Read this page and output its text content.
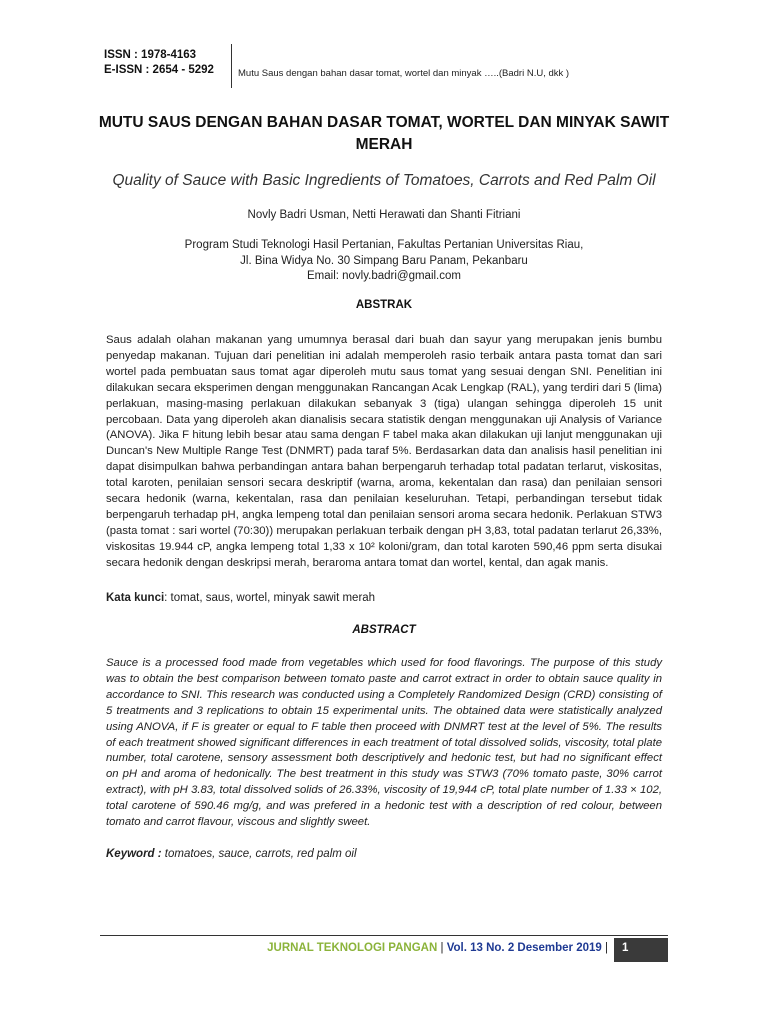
ISSN : 1978-4163
E-ISSN : 2654 - 5292	Mutu Saus dengan bahan dasar tomat, wortel dan minyak …..(Badri N.U, dkk )
MUTU SAUS DENGAN BAHAN DASAR TOMAT, WORTEL DAN MINYAK SAWIT
MERAH
Quality of Sauce with Basic Ingredients of Tomatoes, Carrots and Red Palm Oil
Novly Badri Usman, Netti Herawati dan Shanti Fitriani
Program Studi Teknologi Hasil Pertanian, Fakultas Pertanian Universitas Riau,
Jl. Bina Widya No. 30 Simpang Baru Panam, Pekanbaru
Email: novly.badri@gmail.com
ABSTRAK
Saus adalah olahan makanan yang umumnya berasal dari buah dan sayur yang merupakan jenis bumbu penyedap makanan. Tujuan dari penelitian ini adalah memperoleh rasio terbaik antara pasta tomat dan sari wortel pada pembuatan saus tomat agar diperoleh mutu saus tomat yang sesuai dengan SNI. Penelitian ini dilakukan secara eksperimen dengan menggunakan Rancangan Acak Lengkap (RAL), yang terdiri dari 5 (lima) perlakuan, masing-masing perlakuan dilakukan sebanyak 3 (tiga) ulangan sehingga diperoleh 15 unit percobaan. Data yang diperoleh akan dianalisis secara statistik dengan menggunakan uji Analysis of Variance (ANOVA). Jika F hitung lebih besar atau sama dengan F tabel maka akan dilakukan uji lanjut menggunakan uji Duncan's New Multiple Range Test (DNMRT) pada taraf 5%. Berdasarkan data dan analisis hasil penelitian ini dapat disimpulkan bahwa perbandingan antara bahan berpengaruh terhadap total padatan terlarut, viskositas, total karoten, penilaian sensori secara deskriptif (warna, aroma, kekentalan dan rasa) dan penilaian sensori secara hedonik (warna, kekentalan, rasa dan penilaian keseluruhan. Tetapi, perbandingan tersebut tidak berpengaruh terhadap pH, angka lempeng total dan penilaian sensori aroma secara hedonik. Perlakuan STW3 (pasta tomat : sari wortel (70:30)) merupakan perlakuan terbaik dengan pH 3,83, total padatan terlarut 26,33%, viskositas 19.944 cP, angka lempeng total 1,33 x 10² koloni/gram, dan total karoten 590,46 ppm serta disukai secara hedonik dengan deskripsi merah, beraroma antara tomat dan wortel, kental, dan agak manis.
Kata kunci: tomat, saus, wortel, minyak sawit merah
ABSTRACT
Sauce is a processed food made from vegetables which used for food flavorings. The purpose of this study was to obtain the best comparison between tomato paste and carrot extract in order to obtain sauce quality in accordance to SNI. This research was conducted using a Completely Randomized Design (CRD) consisting of 5 treatments and 3 replications to obtain 15 experimental units. The obtained data were statistically analyzed using ANOVA, if F is greater or equal to F table then proceed with DNMRT test at the level of 5%. The results of each treatment showed significant differences in each treatment of total dissolved solids, viscosity, total plate number, total carotene, sensory assessment both descriptively and hedonic test, but had no significant effect on pH and aroma of hedonically. The best treatment in this study was STW3 (70% tomato paste, 30% carrot extract), with pH 3.83, total dissolved solids of 26.33%, viscosity of 19,944 cP, total plate number of 1.33 × 102, total carotene of 590.46 mg/g, and was prefered in a hedonic test with a description of red colour, between tomato and carrot flavour, viscous and slightly sweet.
Keyword : tomatoes, sauce, carrots, red palm oil
JURNAL TEKNOLOGI PANGAN | Vol. 13 No. 2 Desember 2019 | 1
